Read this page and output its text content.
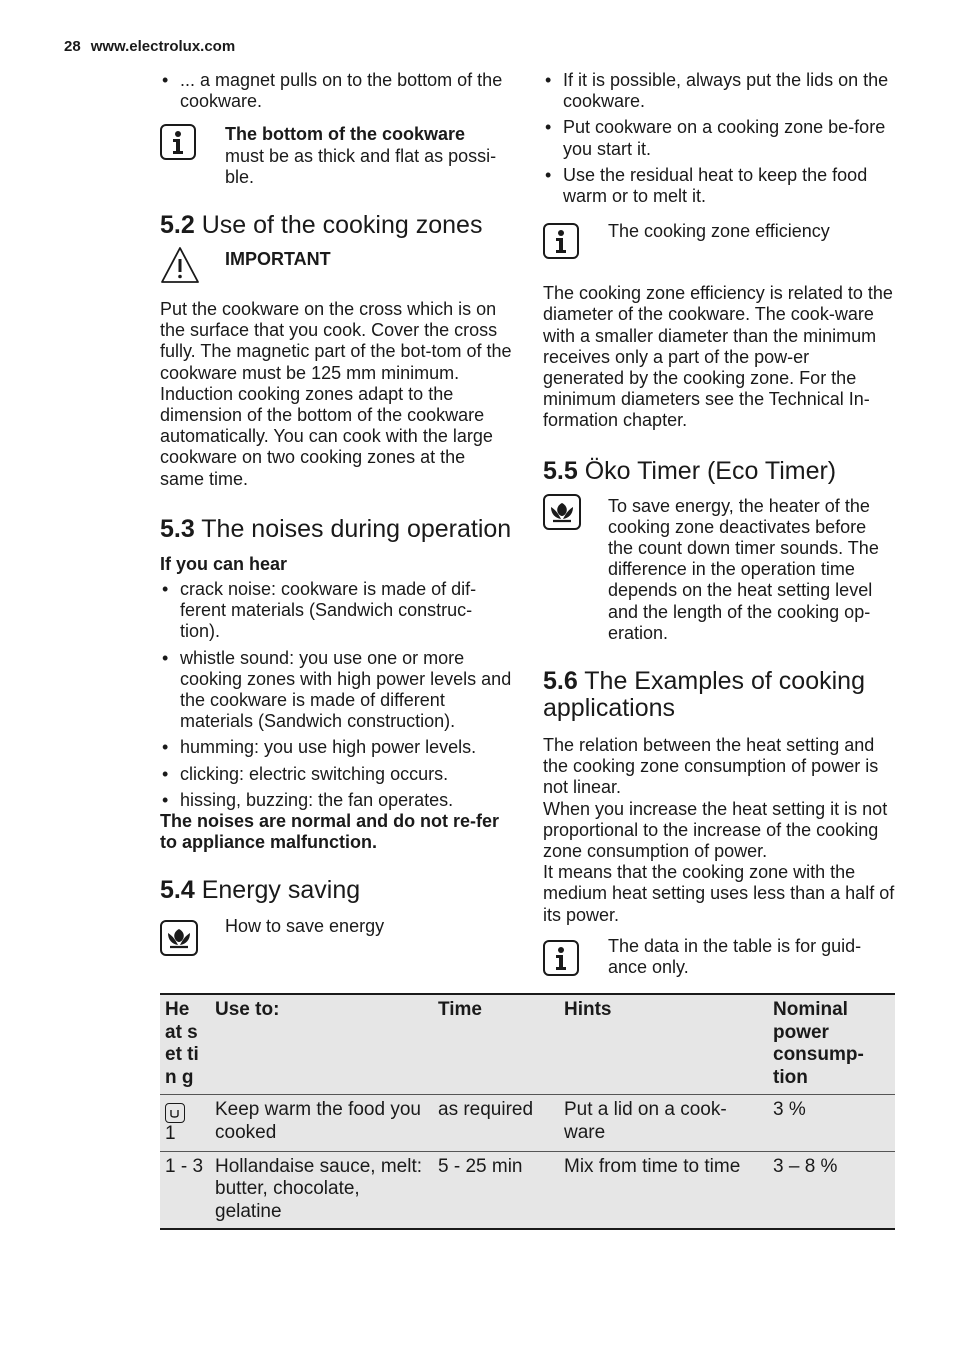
28 www.electrolux.com
• ... a magnet pulls on to the bottom of the cookware.
The bottom of the cookware
must be as thick and flat as possi-ble.
5.2 Use of the cooking zones
IMPORTANT

Put the cookware on the cross which is on the surface that you cook. Cover the cross fully. The magnetic part of the bot-tom of the cookware must be 125 mm minimum. Induction cooking zones adapt to the dimension of the bottom of the cookware automatically. You can cook with the large cookware on two cooking zones at the same time.

5.3 The noises during operation

If you can hear

• crack noise: cookware is made of dif-ferent materials (Sandwich construc-tion).
• whistle sound: you use one or more cooking zones with high power levels and the cookware is made of different materials (Sandwich construction).
• humming: you use high power levels.
• clicking: electric switching occurs.
• hissing, buzzing: the fan operates.

The noises are normal and do not re-fer to appliance malfunction.

5.4 Energy saving
How to save energy
• If it is possible, always put the lids on the cookware.
• Put cookware on a cooking zone be-fore you start it.
• Use the residual heat to keep the food warm or to melt it.
The cooking zone efficiency

The cooking zone efficiency is related to the diameter of the cookware. The cook-ware with a smaller diameter than the minimum receives only a part of the pow-er generated by the cooking zone. For the minimum diameters see the Technical In-formation chapter.

5.5 Öko Timer (Eco Timer)
To save energy, the heater of the cooking zone deactivates before the count down timer sounds. The difference in the operation time depends on the heat setting level and the length of the cooking op-eration.
5.6 The Examples of cooking applications

The relation between the heat setting and the cooking zone consumption of power is not linear.

When you increase the heat setting it is not proportional to the increase of the cooking zone consumption of power.

It means that the cooking zone with the medium heat setting uses less than a half of its power.

The data in the table is for guid-ance only.
He at set tin g	Use to:	Time	Hints	Nominal power consump-tion

1	Keep warm the food you cooked	as required	Put a lid on a cook-ware	3 %
1 - 3	Hollandaise sauce, melt: butter, chocolate, gelatine	5 - 25 min	Mix from time to time	3 – 8 %
